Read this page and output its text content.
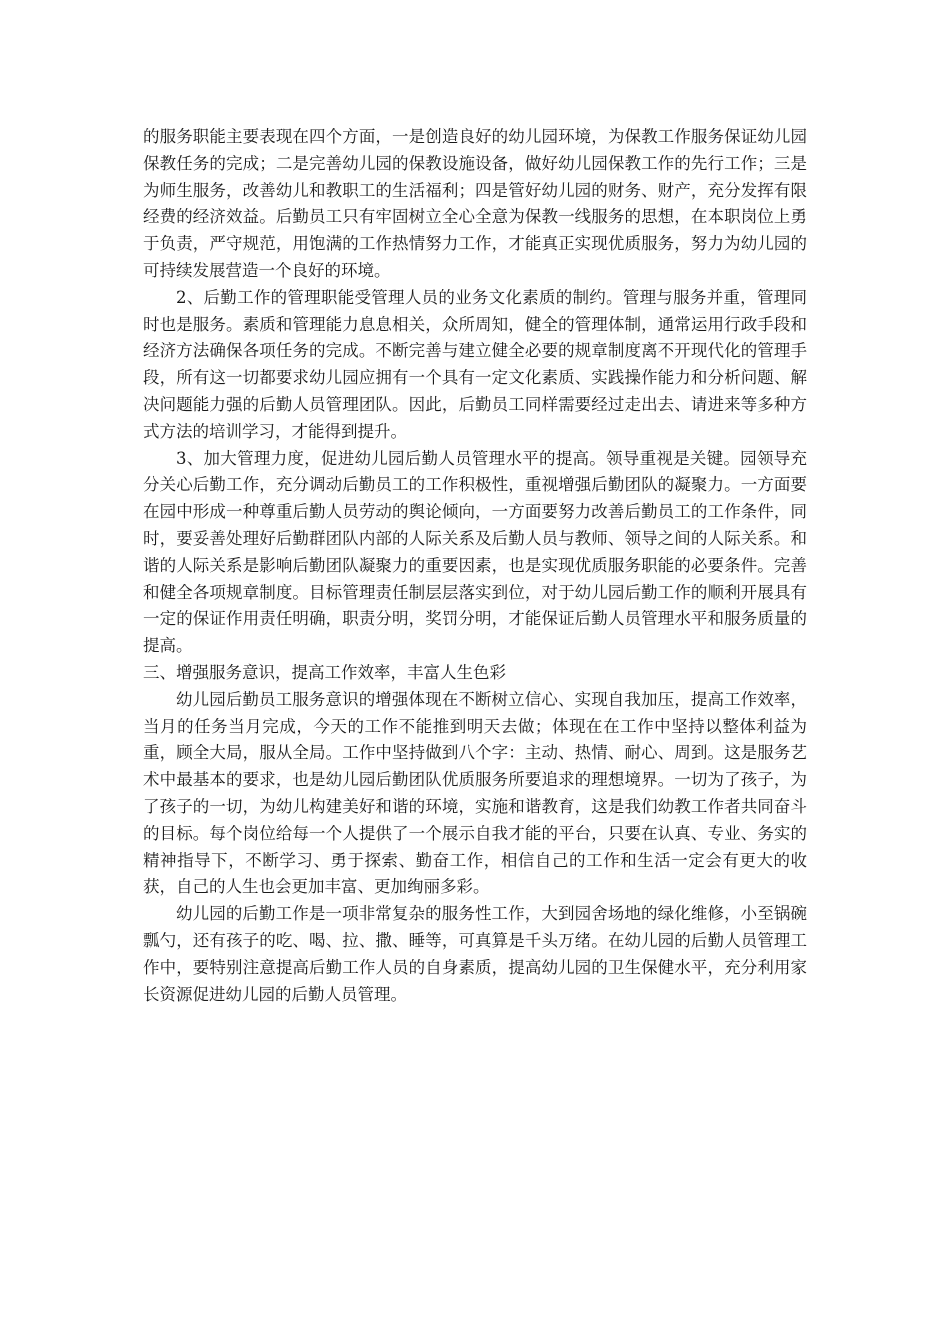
的服务职能主要表现在四个方面，一是创造良好的幼儿园环境，为保教工作服务保证幼儿园保教任务的完成；二是完善幼儿园的保教设施设备，做好幼儿园保教工作的先行工作；三是为师生服务，改善幼儿和教职工的生活福利；四是管好幼儿园的财务、财产，充分发挥有限经费的经济效益。后勤员工只有牢固树立全心全意为保教一线服务的思想，在本职岗位上勇于负责，严守规范，用饱满的工作热情努力工作，才能真正实现优质服务，努力为幼儿园的可持续发展营造一个良好的环境。

2、后勤工作的管理职能受管理人员的业务文化素质的制约。管理与服务并重，管理同时也是服务。素质和管理能力息息相关，众所周知，健全的管理体制，通常运用行政手段和经济方法确保各项任务的完成。不断完善与建立健全必要的规章制度离不开现代化的管理手段，所有这一切都要求幼儿园应拥有一个具有一定文化素质、实践操作能力和分析问题、解决问题能力强的后勤人员管理团队。因此，后勤员工同样需要经过走出去、请进来等多种方式方法的培训学习，才能得到提升。

3、加大管理力度，促进幼儿园后勤人员管理水平的提高。领导重视是关键。园领导充分关心后勤工作，充分调动后勤员工的工作积极性，重视增强后勤团队的凝聚力。一方面要在园中形成一种尊重后勤人员劳动的舆论倾向，一方面要努力改善后勤员工的工作条件，同时，要妥善处理好后勤群团队内部的人际关系及后勤人员与教师、领导之间的人际关系。和谐的人际关系是影响后勤团队凝聚力的重要因素，也是实现优质服务职能的必要条件。完善和健全各项规章制度。目标管理责任制层层落实到位，对于幼儿园后勤工作的顺利开展具有一定的保证作用责任明确，职责分明，奖罚分明，才能保证后勤人员管理水平和服务质量的提高。

三、增强服务意识，提高工作效率，丰富人生色彩

幼儿园后勤员工服务意识的增强体现在不断树立信心、实现自我加压，提高工作效率，当月的任务当月完成，今天的工作不能推到明天去做；体现在在工作中坚持以整体利益为重，顾全大局，服从全局。工作中坚持做到八个字：主动、热情、耐心、周到。这是服务艺术中最基本的要求，也是幼儿园后勤团队优质服务所要追求的理想境界。一切为了孩子，为了孩子的一切，为幼儿构建美好和谐的环境，实施和谐教育，这是我们幼教工作者共同奋斗的目标。每个岗位给每一个人提供了一个展示自我才能的平台，只要在认真、专业、务实的精神指导下，不断学习、勇于探索、勤奋工作，相信自己的工作和生活一定会有更大的收获，自己的人生也会更加丰富、更加绚丽多彩。

幼儿园的后勤工作是一项非常复杂的服务性工作，大到园舍场地的绿化维修，小至锅碗瓢勺，还有孩子的吃、喝、拉、撒、睡等，可真算是千头万绪。在幼儿园的后勤人员管理工作中，要特别注意提高后勤工作人员的自身素质，提高幼儿园的卫生保健水平，充分利用家长资源促进幼儿园的后勤人员管理。
